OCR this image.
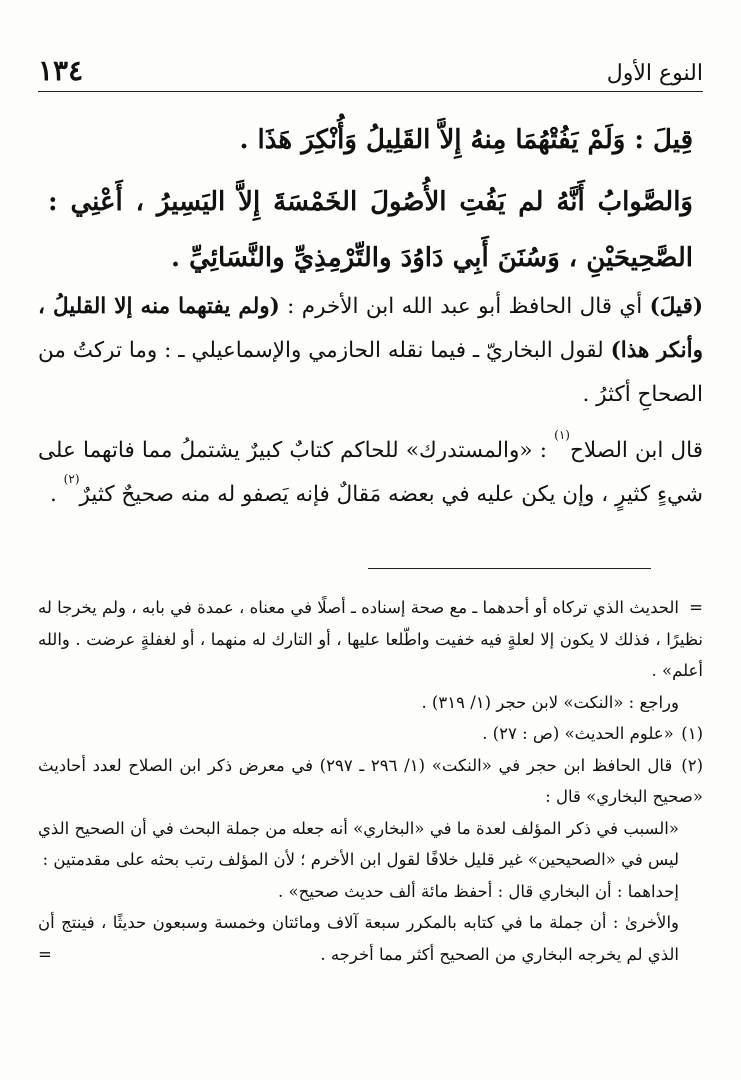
١٣٤	النوع الأول

قِيلَ : وَلَمْ يَفُتْهُمَا مِنهُ إِلاَّ القَلِيلُ وَأُنْكِرَ هَذَا .

وَالصَّوابُ أَنَّهُ لم يَفُتِ الأُصُولَ الخَمْسَةَ إِلاَّ اليَسِيرُ ، أَعْنِي : الصَّحِيحَيْنِ ، وَسُنَنَ أَبِي دَاوُدَ والتِّرْمِذِيِّ والنَّسَائِيِّ .

(قيلَ) أي قال الحافظ أبو عبد الله ابن الأخرم : (ولم يفتهما منه إلا القليلُ ، وأنكر هذا) لقول البخاريّ ـ فيما نقله الحازمي والإسماعيلي ـ : وما تركتُ من الصحاحِ أكثرُ .

قال ابن الصلاح$^{(١)}$ : «والمستدرك» للحاكم كتابٌ كبيرٌ يشتملُ مما فاتهما على شيءٍ كثيرٍ ، وإن يكن عليه في بعضه مَقالٌ فإنه يَصفو له منه صحيحٌ كثيرٌ$^{(٢)}$ .

=الحديث الذي تركاه أو أحدهما ـ مع صحة إسناده ـ أصلًا في معناه ، عمدة في بابه ، ولم يخرجا له نظيرًا ، فذلك لا يكون إلا لعلةٍ فيه خفيت واطّلعا عليها ، أو التارك له منهما ، أو لغفلةٍ عرضت . والله أعلم» .

وراجع : «النكت» لابن حجر (١/ ٣١٩) .

(١) «علوم الحديث» (ص : ٢٧) .

(٢) قال الحافظ ابن حجر في «النكت» (١/ ٢٩٦ ـ ٢٩٧) في معرض ذكر ابن الصلاح لعدد أحاديث «صحيح البخاري» قال :

«السبب في ذكر المؤلف لعدة ما في «البخاري» أنه جعله من جملة البحث في أن الصحيح الذي ليس في «الصحيحين» غير قليل خلافًا لقول ابن الأخرم ؛ لأن المؤلف رتب بحثه على مقدمتين :

إحداهما : أن البخاري قال : أحفظ مائة ألف حديث صحيح» .

والأخرىٰ : أن جملة ما في كتابه بالمكرر سبعة آلاف ومائتان وخمسة وسبعون حديثًا ، فينتج أن الذي لم يخرجه البخاري من الصحيح أكثر مما أخرجه .
=
